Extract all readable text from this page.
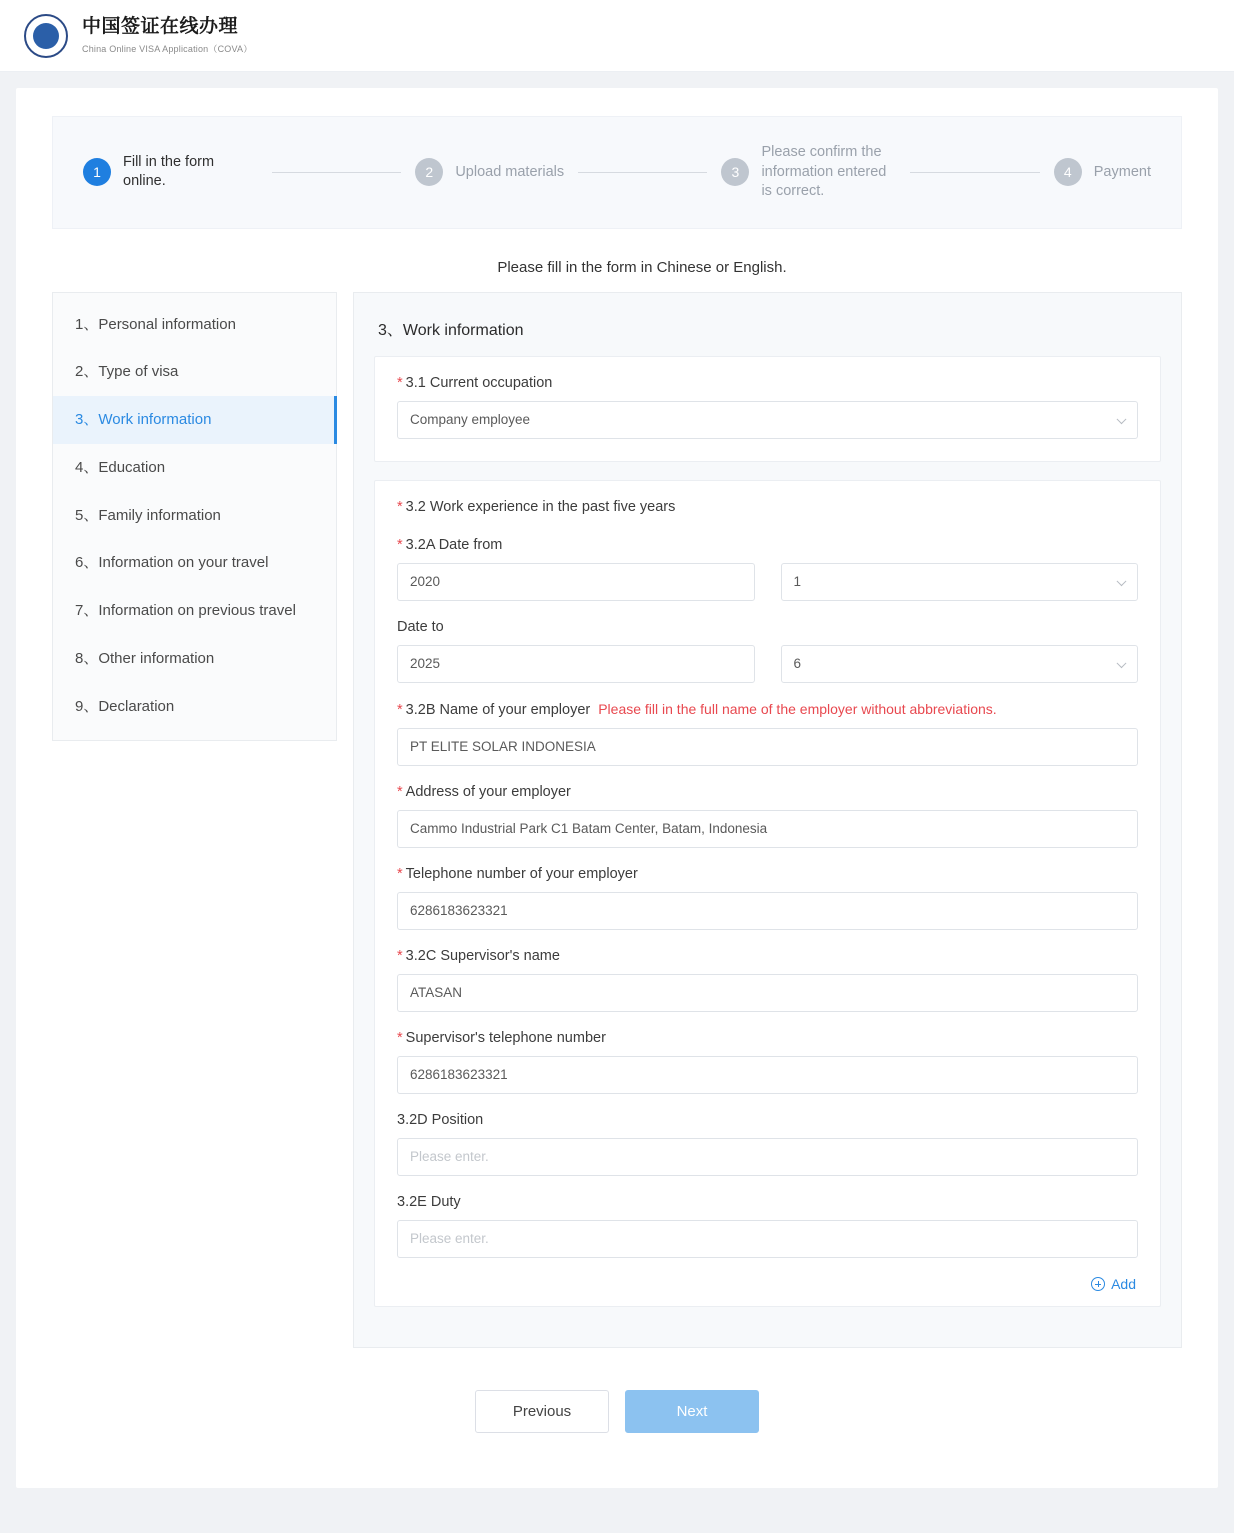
中国签证在线办理
China Online VISA Application（COVA）
1
Fill in the form online.
2	Upload materials	3
Please confirm the information entered is correct.
4	Payment
Please fill in the form in Chinese or English.
1、Personal information
2、Type of visa
3、Work information
4、Education
5、Family information
6、Information on your travel
7、Information on previous travel
8、Other information
9、Declaration
3、Work information
* 3.1 Current occupation
Company employee
* 3.2 Work experience in the past five years
* 3.2A Date from
2020
1
Date to
2025
6
* 3.2B Name of your employer Please fill in the full name of the employer without abbreviations.
PT ELITE SOLAR INDONESIA
* Address of your employer
Cammo Industrial Park C1 Batam Center, Batam, Indonesia
* Telephone number of your employer
6286183623321
* 3.2C Supervisor's name
ATASAN
* Supervisor's telephone number
6286183623321
3.2D Position
Please enter.
3.2E Duty
Please enter.
Add
Previous	Next
